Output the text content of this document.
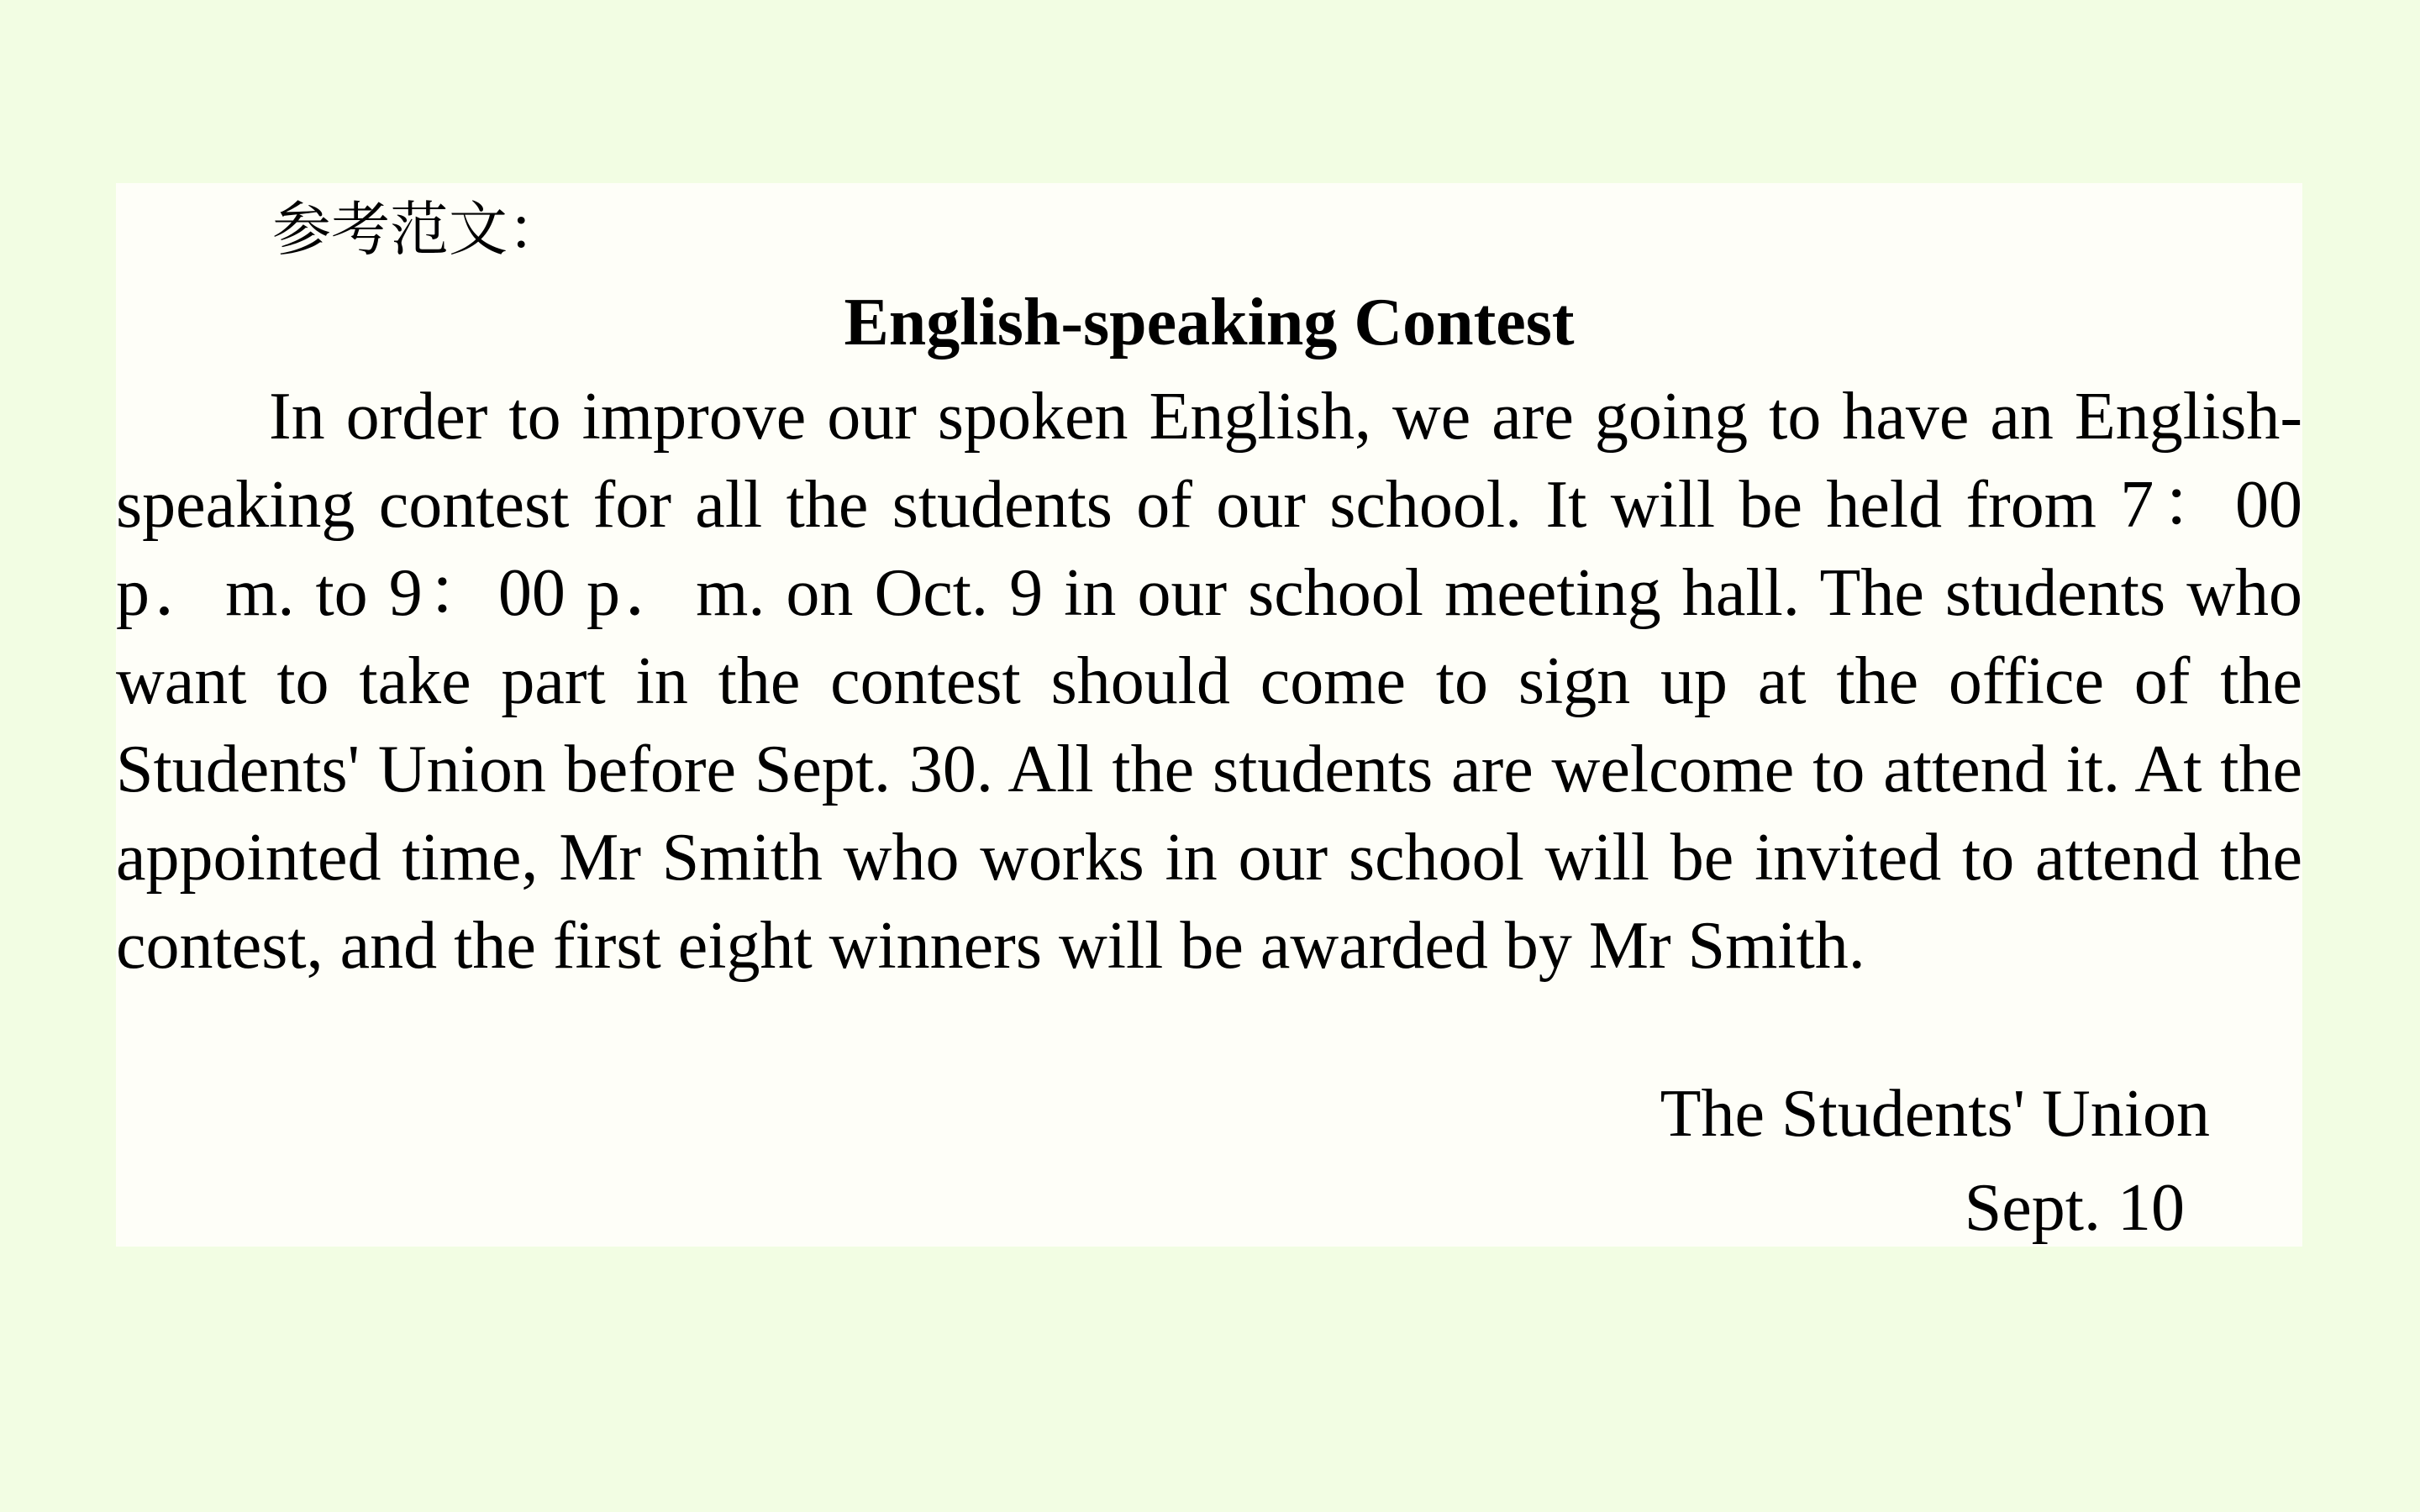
参考范文：
English-speaking Contest

In order to improve our spoken English, we are going to have an English-speaking contest for all the students of our school. It will be held from 7：00 p．m. to 9：00 p．m. on Oct. 9 in our school meeting hall. The students who want to take part in the contest should come to sign up at the office of the Students' Union before Sept. 30. All the students are welcome to attend it. At the appointed time, Mr Smith who works in our school will be invited to attend the contest, and the first eight winners will be awarded by Mr Smith.

The Students' Union
Sept. 10
